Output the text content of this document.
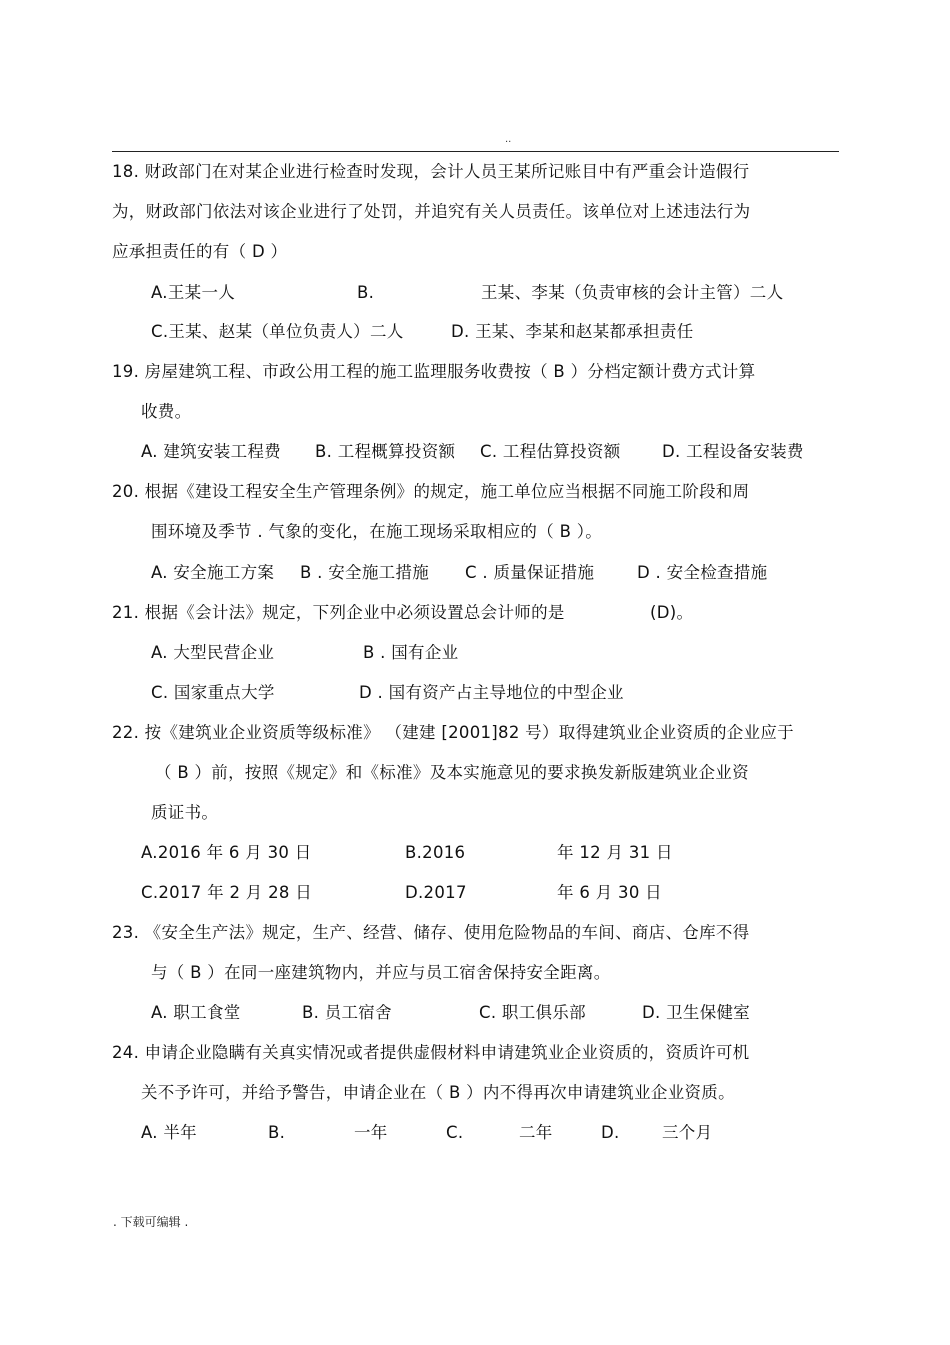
..
18. 财政部门在对某企业进行检查时发现，会计人员王某所记账目中有严重会计造假行
为，财政部门依法对该企业进行了处罚，并追究有关人员责任。该单位对上述违法行为
应承担责任的有（ D ）
A.王某一人	B.	王某、李某（负责审核的会计主管）二人
C.王某、赵某（单位负责人）二人	D. 王某、李某和赵某都承担责任
19. 房屋建筑工程、市政公用工程的施工监理服务收费按（ B ）分档定额计费方式计算
收费。
A. 建筑安装工程费 B. 工程概算投资额 C. 工程估算投资额	D. 工程设备安装费
20. 根据《建设工程安全生产管理条例》的规定，施工单位应当根据不同施工阶段和周
围环境及季节 . 气象的变化，在施工现场采取相应的（ B ）。
A. 安全施工方案 B . 安全施工措施 C . 质量保证措施	D . 安全检查措施
21. 根据《会计法》规定，下列企业中必须设置总会计师的是	(D)。
A. 大型民营企业	B . 国有企业
C. 国家重点大学	D . 国有资产占主导地位的中型企业
22. 按《建筑业企业资质等级标准》 （建建 [2001]82 号）取得建筑业企业资质的企业应于
（ B ）前，按照《规定》和《标准》及本实施意见的要求换发新版建筑业企业资
质证书。
A.2016 年 6 月 30 日	B.2016	年 12 月 31 日
C.2017 年 2 月 28 日	D.2017	年 6 月 30 日
23. 《安全生产法》规定，生产、经营、储存、使用危险物品的车间、商店、仓库不得
与（ B ）在同一座建筑物内，并应与员工宿舍保持安全距离。
A. 职工食堂	B. 员工宿舍	C. 职工俱乐部	D. 卫生保健室
24. 申请企业隐瞒有关真实情况或者提供虚假材料申请建筑业企业资质的，资质许可机
关不予许可，并给予警告，申请企业在（ B ）内不得再次申请建筑业企业资质。
A. 半年	B.	一年	C.	二年	D.	三个月
. 下载可编辑 .
